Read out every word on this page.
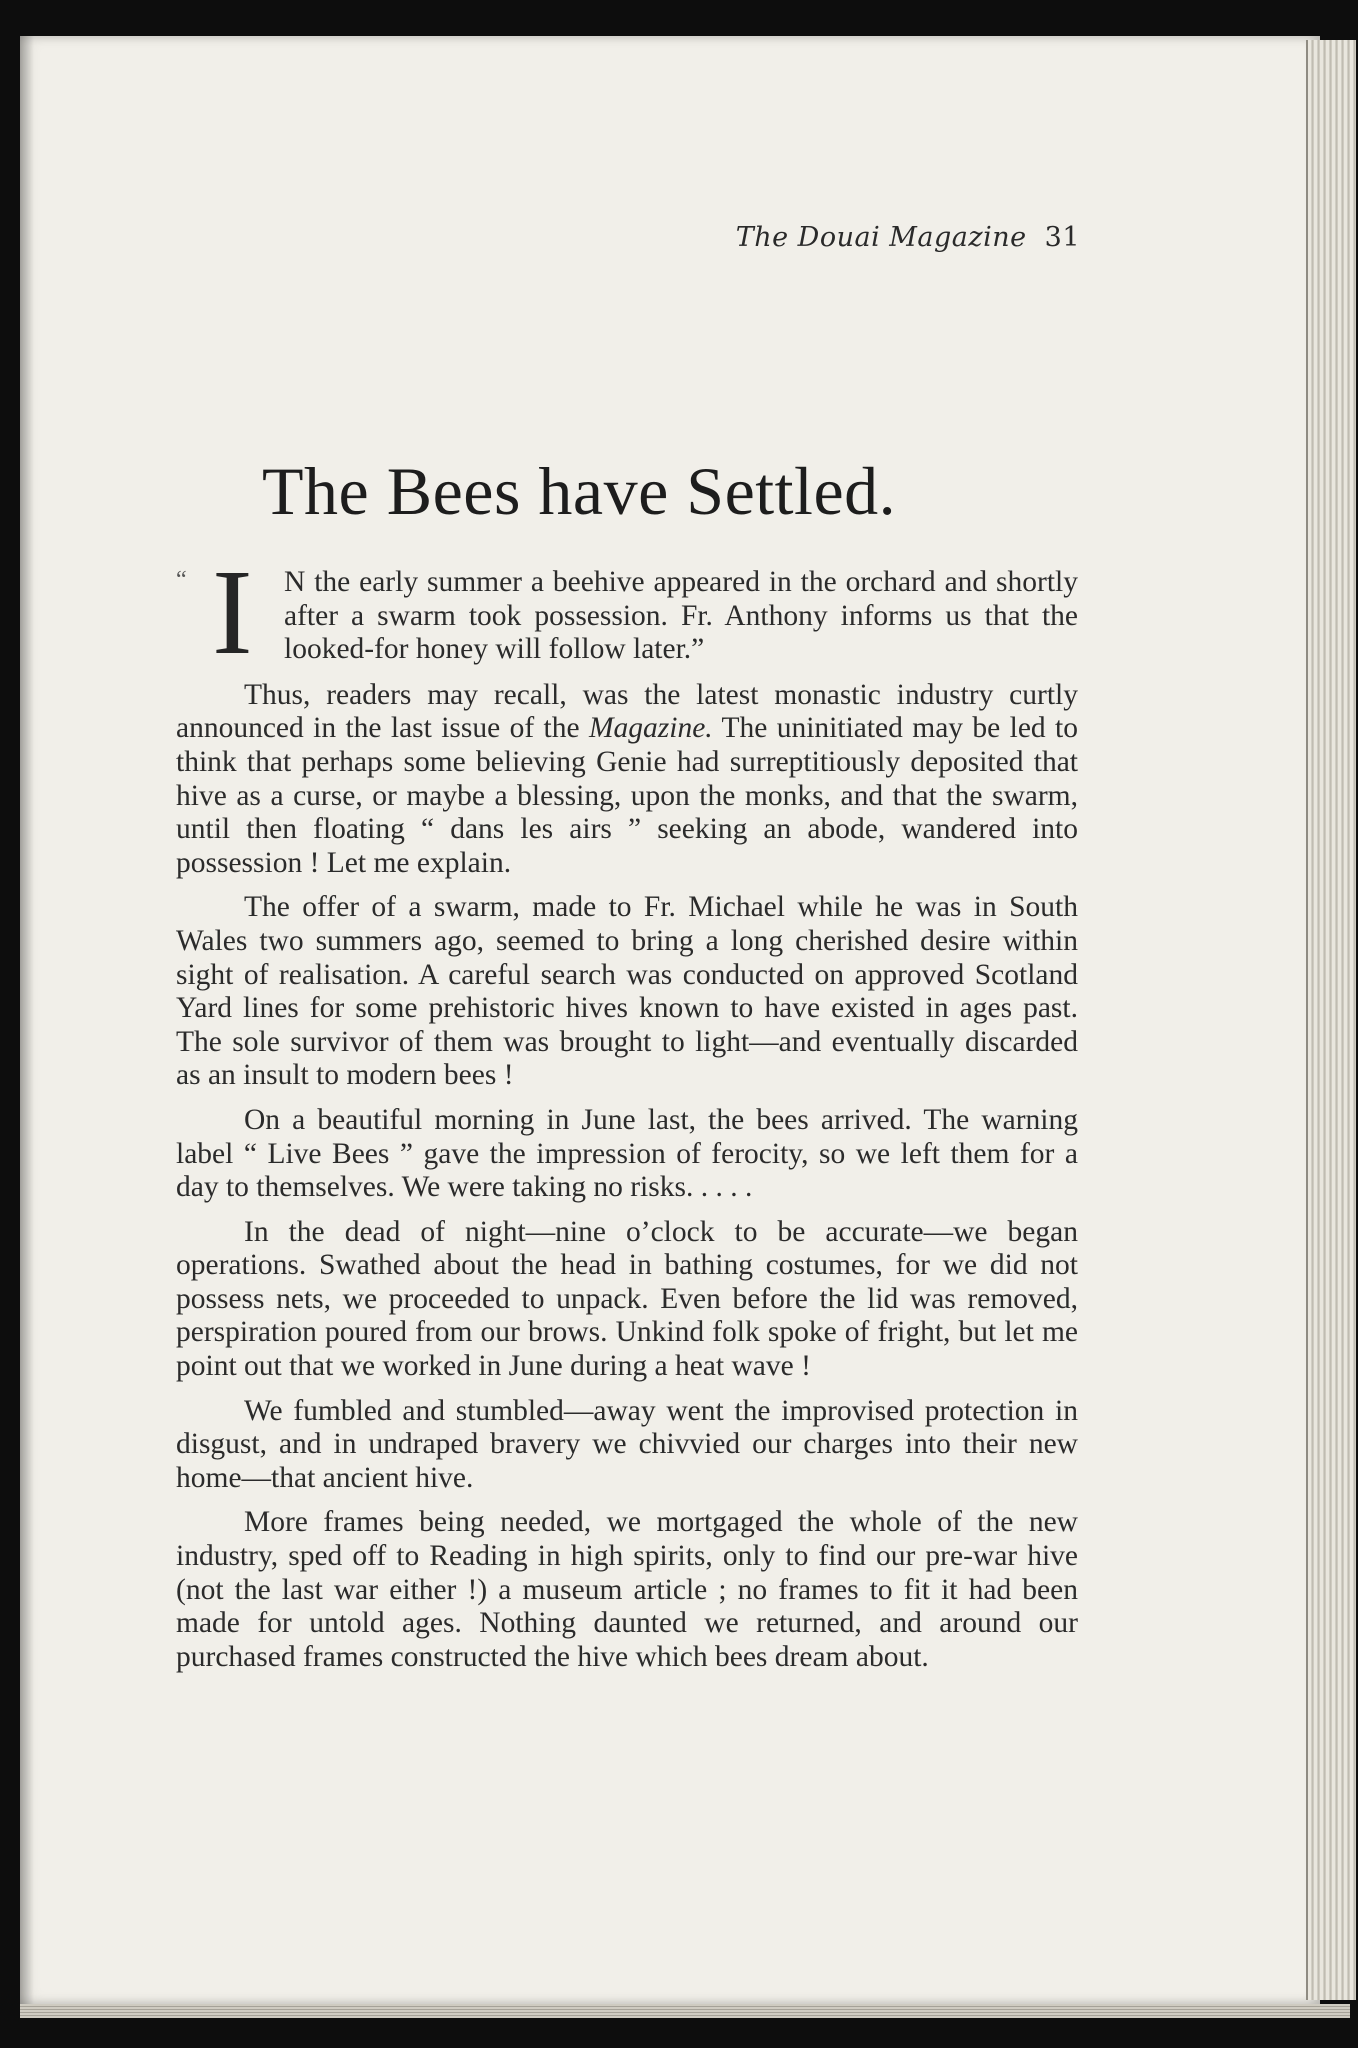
The Douai Magazine 31
The Bees have Settled.

“ I N the early summer a beehive appeared in the orchard and shortly after a swarm took possession. Fr. Anthony informs us that the looked-for honey will follow later.”

Thus, readers may recall, was the latest monastic industry curtly announced in the last issue of the Magazine. The uninitiated may be led to think that perhaps some believing Genie had surreptitiously deposited that hive as a curse, or maybe a blessing, upon the monks, and that the swarm, until then floating “ dans les airs ” seeking an abode, wandered into possession ! Let me explain.

The offer of a swarm, made to Fr. Michael while he was in South Wales two summers ago, seemed to bring a long cherished desire within sight of realisation. A careful search was conducted on approved Scotland Yard lines for some prehistoric hives known to have existed in ages past. The sole survivor of them was brought to light—and eventually discarded as an insult to modern bees !

On a beautiful morning in June last, the bees arrived. The warning label “ Live Bees ” gave the impression of ferocity, so we left them for a day to themselves. We were taking no risks. . . . .

In the dead of night—nine o’clock to be accurate—we began operations. Swathed about the head in bathing costumes, for we did not possess nets, we proceeded to unpack. Even before the lid was removed, perspiration poured from our brows. Unkind folk spoke of fright, but let me point out that we worked in June during a heat wave !

We fumbled and stumbled—away went the improvised protection in disgust, and in undraped bravery we chivvied our charges into their new home—that ancient hive.

More frames being needed, we mortgaged the whole of the new industry, sped off to Reading in high spirits, only to find our pre-war hive (not the last war either !) a museum article ; no frames to fit it had been made for untold ages. Nothing daunted we returned, and around our purchased frames constructed the hive which bees dream about.
